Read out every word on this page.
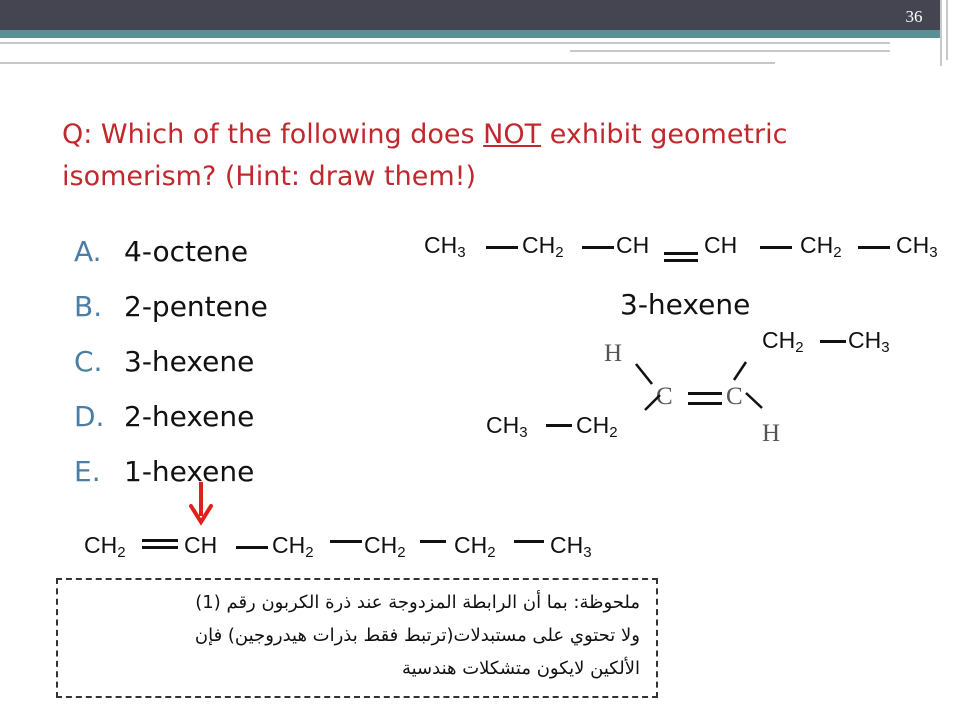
36
Q: Which of the following does NOT exhibit geometric isomerism? (Hint: draw them!)
A. 4-octene
B. 2-pentene
C. 3-hexene
D. 2-hexene
E. 1-hexene
$CH_3$ $CH_2$ CH CH	$CH_2$ $CH_3$
3-hexene
$CH_2$ $CH_3$
H
C C
$CH_3$ $CH_2$	H
$CH_2$	CH $CH_2$ $CH_2$ $CH_2$ $CH_3$

ملحوظة: بما أن الرابطة المزدوجة عند ذرة الكربون رقم (1)
ولا تحتوي على مستبدلات(ترتبط فقط بذرات هيدروجين) فإن
الألكين لايكون متشكلات هندسية
